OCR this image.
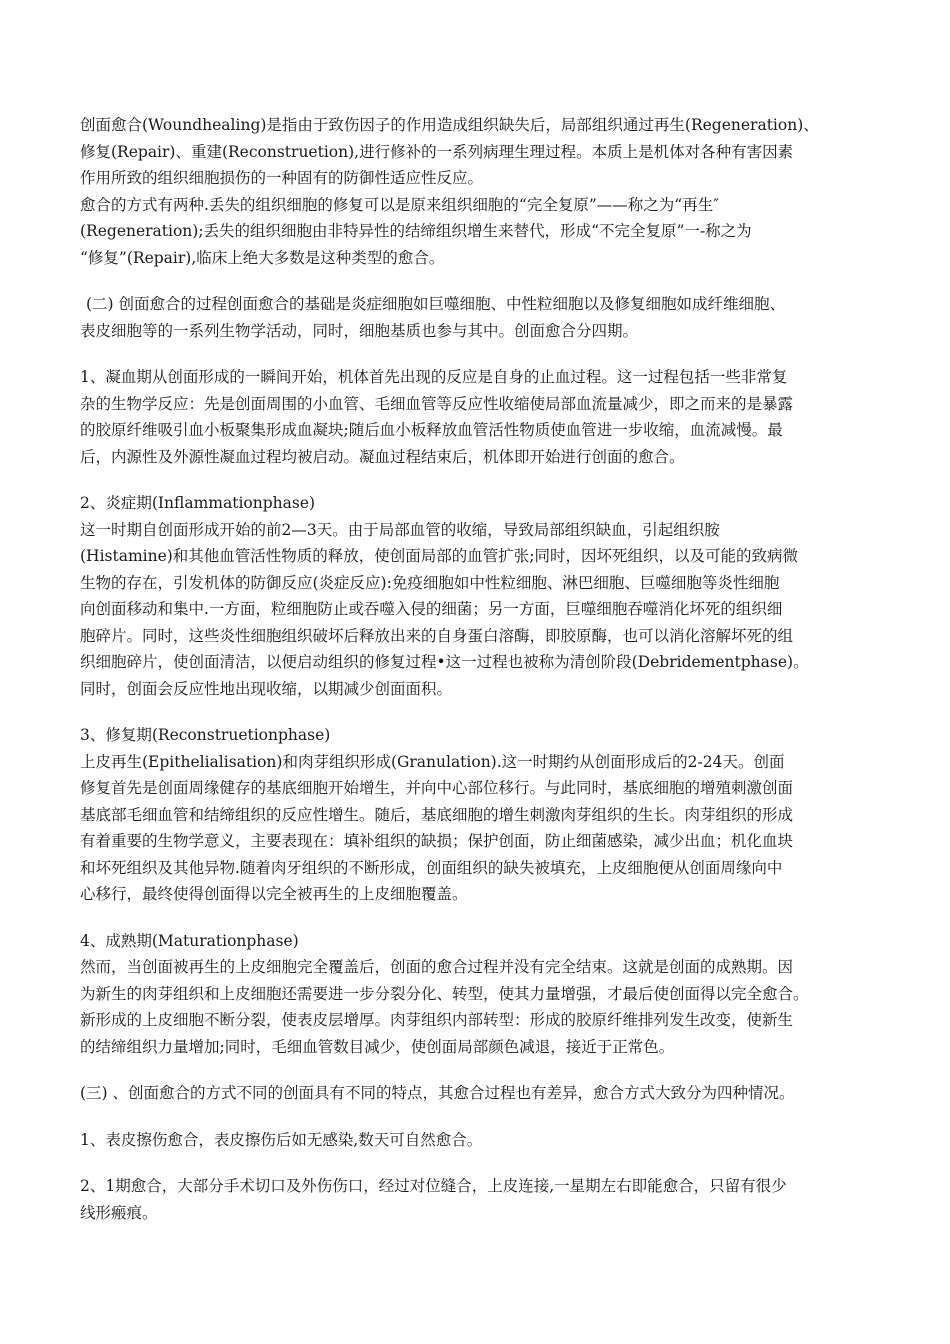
创面愈合(Woundhealing)是指由于致伤因子的作用造成组织缺失后，局部组织通过再生(Regeneration)、
修复(Repair)、重建(Reconstruetion),进行修补的一系列病理生理过程。本质上是机体对各种有害因素
作用所致的组织细胞损伤的一种固有的防御性适应性反应。
愈合的方式有两种.丢失的组织细胞的修复可以是原来组织细胞的“完全复原”——称之为“再生″
(Regeneration);丢失的组织细胞由非特异性的结缔组织增生来替代，形成“不完全复原”一-称之为
“修复”(Repair),临床上绝大多数是这种类型的愈合。
(二) 创面愈合的过程创面愈合的基础是炎症细胞如巨噬细胞、中性粒细胞以及修复细胞如成纤维细胞、
表皮细胞等的一系列生物学活动，同时，细胞基质也参与其中。创面愈合分四期。
1、凝血期从创面形成的一瞬间开始，机体首先出现的反应是自身的止血过程。这一过程包括一些非常复
杂的生物学反应：先是创面周围的小血管、毛细血管等反应性收缩使局部血流量减少，即之而来的是暴露
的胶原纤维吸引血小板聚集形成血凝块;随后血小板释放血管活性物质使血管进一步收缩，血流减慢。最
后，内源性及外源性凝血过程均被启动。凝血过程结束后，机体即开始进行创面的愈合。
2、炎症期(Inflammationphase)
这一时期自创面形成开始的前2—3天。由于局部血管的收缩，导致局部组织缺血，引起组织胺
(Histamine)和其他血管活性物质的释放，使创面局部的血管扩张;同时，因坏死组织，以及可能的致病微
生物的存在，引发机体的防御反应(炎症反应):免疫细胞如中性粒细胞、淋巴细胞、巨噬细胞等炎性细胞
向创面移动和集中.一方面，粒细胞防止或吞噬入侵的细菌；另一方面，巨噬细胞吞噬消化坏死的组织细
胞碎片。同时，这些炎性细胞组织破坏后释放出来的自身蛋白溶酶，即胶原酶，也可以消化溶解坏死的组
织细胞碎片，使创面清洁，以便启动组织的修复过程•这一过程也被称为清创阶段(Debridementphase)。
同时，创面会反应性地出现收缩，以期减少创面面积。
3、修复期(Reconstruetionphase)
上皮再生(Epithelialisation)和肉芽组织形成(Granulation).这一时期约从创面形成后的2-24天。创面
修复首先是创面周缘健存的基底细胞开始增生，并向中心部位移行。与此同时，基底细胞的增殖刺激创面
基底部毛细血管和结缔组织的反应性增生。随后，基底细胞的增生刺激肉芽组织的生长。肉芽组织的形成
有着重要的生物学意义，主要表现在：填补组织的缺损；保护创面，防止细菌感染，减少出血；机化血块
和坏死组织及其他异物.随着肉牙组织的不断形成，创面组织的缺失被填充，上皮细胞便从创面周缘向中
心移行，最终使得创面得以完全被再生的上皮细胞覆盖。
4、成熟期(Maturationphase)
然而，当创面被再生的上皮细胞完全覆盖后，创面的愈合过程并没有完全结束。这就是创面的成熟期。因
为新生的肉芽组织和上皮细胞还需要进一步分裂分化、转型，使其力量增强，才最后使创面得以完全愈合。
新形成的上皮细胞不断分裂，使表皮层增厚。肉芽组织内部转型：形成的胶原纤维排列发生改变，使新生
的结缔组织力量增加;同时，毛细血管数目减少，使创面局部颜色减退，接近于正常色。
(三) 、创面愈合的方式不同的创面具有不同的特点，其愈合过程也有差异，愈合方式大致分为四种情况。
1、表皮擦伤愈合，表皮擦伤后如无感染,数天可自然愈合。
2、1期愈合，大部分手术切口及外伤伤口，经过对位缝合，上皮连接,一星期左右即能愈合，只留有很少
线形瘢痕。
